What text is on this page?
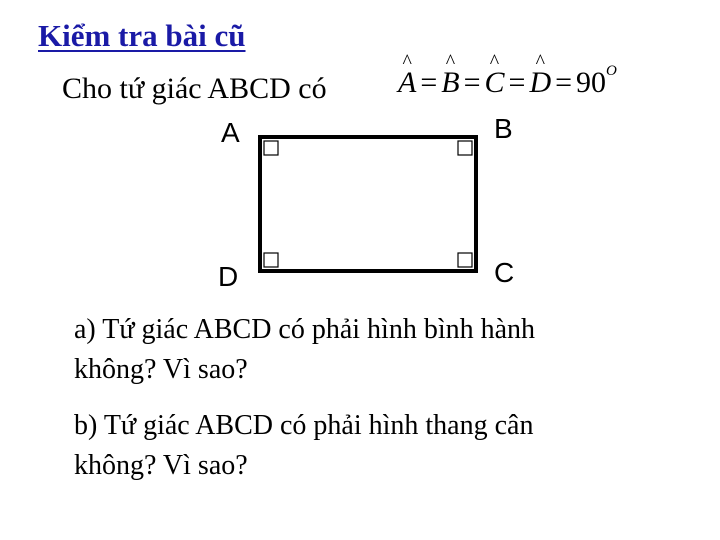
Kiểm tra bài cũ
Cho tứ giác ABCD có ^ A = ^ B = ^ C = ^ $D = 90^O$
A	B
C
D
a) Tứ giác ABCD có phải hình bình hành
không? Vì sao?
b) Tứ giác ABCD có phải hình thang cân
không? Vì sao?
